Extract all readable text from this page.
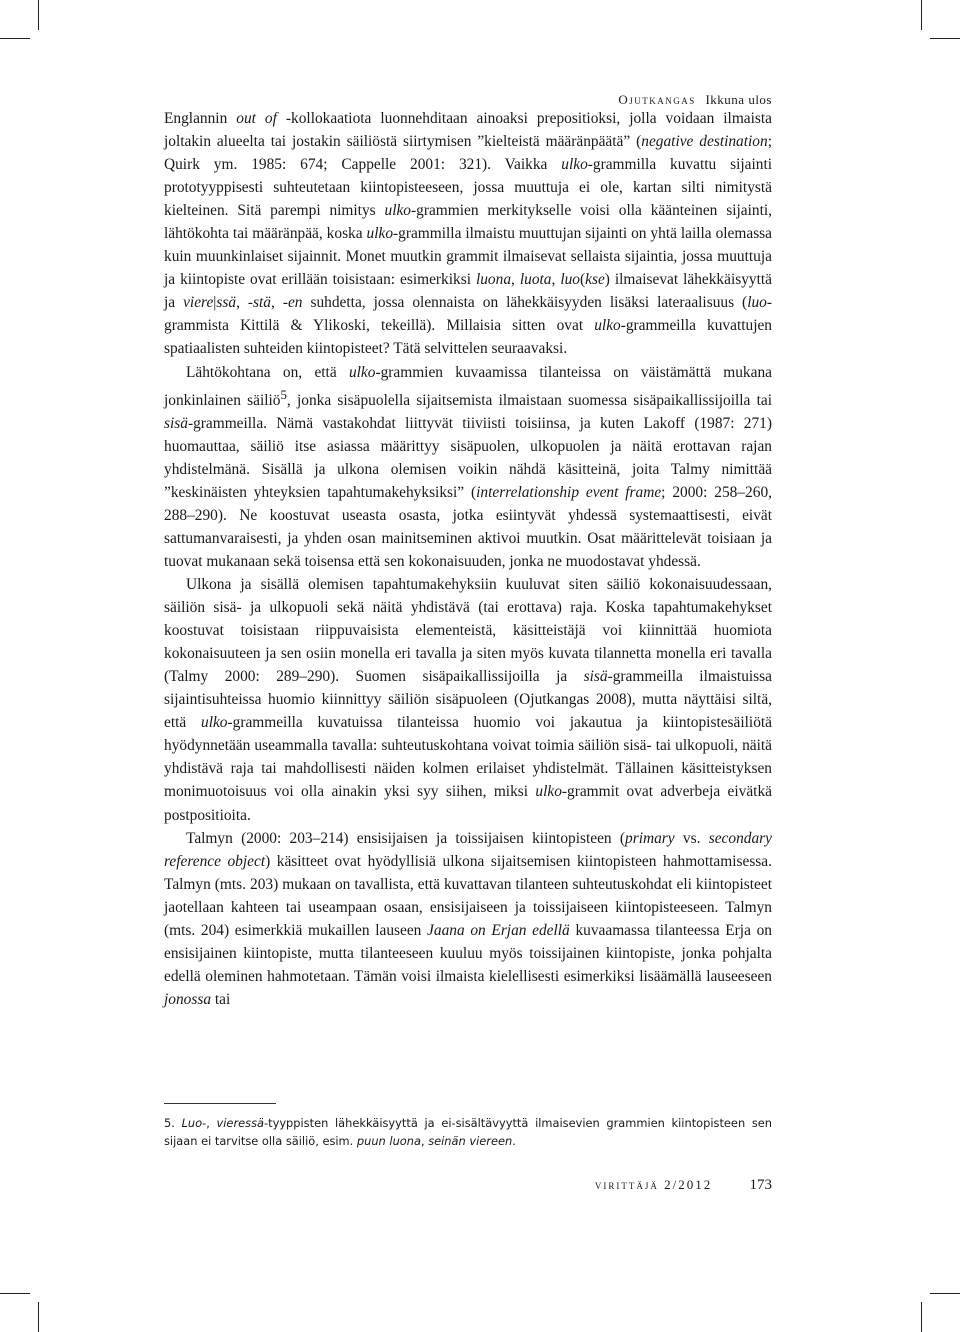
Ojutkangas Ikkuna ulos

Englannin out of -kollokaatiota luonnehditaan ainoaksi prepositioksi, jolla voidaan ilmaista joltakin alueelta tai jostakin säiliöstä siirtymisen ”kielteistä määränpäätä” (negative destination; Quirk ym. 1985: 674; Cappelle 2001: 321). Vaikka ulko-grammilla kuvattu sijainti prototyyppisesti suhteutetaan kiintopisteeseen, jossa muuttuja ei ole, kartan silti nimitystä kielteinen. Sitä parempi nimitys ulko-grammien merkitykselle voisi olla käänteinen sijainti, lähtökohta tai määränpää, koska ulko-grammilla ilmaistu muuttujan sijainti on yhtä lailla olemassa kuin muunkinlaiset sijainnit. Monet muutkin grammit ilmaisevat sellaista sijaintia, jossa muuttuja ja kiintopiste ovat erillään toisistaan: esimerkiksi luona, luota, luo(kse) ilmaisevat lähekkäisyyttä ja viere|ssä, -stä, -en suhdetta, jossa olennaista on lähekkäisyyden lisäksi lateraalisuus (luo-grammista Kittilä & Ylikoski, tekeillä). Millaisia sitten ovat ulko-grammeilla kuvattujen spatiaalisten suhteiden kiintopisteet? Tätä selvittelen seuraavaksi.

Lähtökohtana on, että ulko-grammien kuvaamissa tilanteissa on väistämättä mukana jonkinlainen säiliö$^5$, jonka sisäpuolella sijaitsemista ilmaistaan suomessa sisäpaikallissijoilla tai sisä-grammeilla. Nämä vastakohdat liittyvät tiiviisti toisiinsa, ja kuten Lakoff (1987: 271) huomauttaa, säiliö itse asiassa määrittyy sisäpuolen, ulkopuolen ja näitä erottavan rajan yhdistelmänä. Sisällä ja ulkona olemisen voikin nähdä käsitteinä, joita Talmy nimittää ”keskinäisten yhteyksien tapahtumakehyksiksi” (interrelationship event frame; 2000: 258–260, 288–290). Ne koostuvat useasta osasta, jotka esiintyvät yhdessä systemaattisesti, eivät sattumanvaraisesti, ja yhden osan mainitseminen aktivoi muutkin. Osat määrittelevät toisiaan ja tuovat mukanaan sekä toisensa että sen kokonaisuuden, jonka ne muodostavat yhdessä.

Ulkona ja sisällä olemisen tapahtumakehyksiin kuuluvat siten säiliö kokonaisuudessaan, säiliön sisä- ja ulkopuoli sekä näitä yhdistävä (tai erottava) raja. Koska tapahtumakehykset koostuvat toisistaan riippuvaisista elementeistä, käsitteistäjä voi kiinnittää huomiota kokonaisuuteen ja sen osiin monella eri tavalla ja siten myös kuvata tilannetta monella eri tavalla (Talmy 2000: 289–290). Suomen sisäpaikallissijoilla ja sisä-grammeilla ilmaistuissa sijaintisuhteissa huomio kiinnittyy säiliön sisäpuoleen (Ojutkangas 2008), mutta näyttäisi siltä, että ulko-grammeilla kuvatuissa tilanteissa huomio voi jakautua ja kiintopistesäiliötä hyödynnetään useammalla tavalla: suhteutuskohtana voivat toimia säiliön sisä- tai ulkopuoli, näitä yhdistävä raja tai mahdollisesti näiden kolmen erilaiset yhdistelmät. Tällainen käsitteistyksen monimuotoisuus voi olla ainakin yksi syy siihen, miksi ulko-grammit ovat adverbeja eivätkä postpositioita.

Talmyn (2000: 203–214) ensisijaisen ja toissijaisen kiintopisteen (primary vs. secondary reference object) käsitteet ovat hyödyllisiä ulkona sijaitsemisen kiintopisteen hahmottamisessa. Talmyn (mts. 203) mukaan on tavallista, että kuvattavan tilanteen suhteutuskohdat eli kiintopisteet jaotellaan kahteen tai useampaan osaan, ensisijaiseen ja toissijaiseen kiintopisteeseen. Talmyn (mts. 204) esimerkkiä mukaillen lauseen Jaana on Erjan edellä kuvaamassa tilanteessa Erja on ensisijainen kiintopiste, mutta tilanteeseen kuuluu myös toissijainen kiintopiste, jonka pohjalta edellä oleminen hahmotetaan. Tämän voisi ilmaista kielellisesti esimerkiksi lisäämällä lauseeseen jonossa tai

5. Luo-, vieressä-tyyppisten lähekkäisyyttä ja ei-sisältävyyttä ilmaisevien grammien kiintopisteen sen sijaan ei tarvitse olla säiliö, esim. puun luona, seinän viereen.
virittäjä 2/2012 173
